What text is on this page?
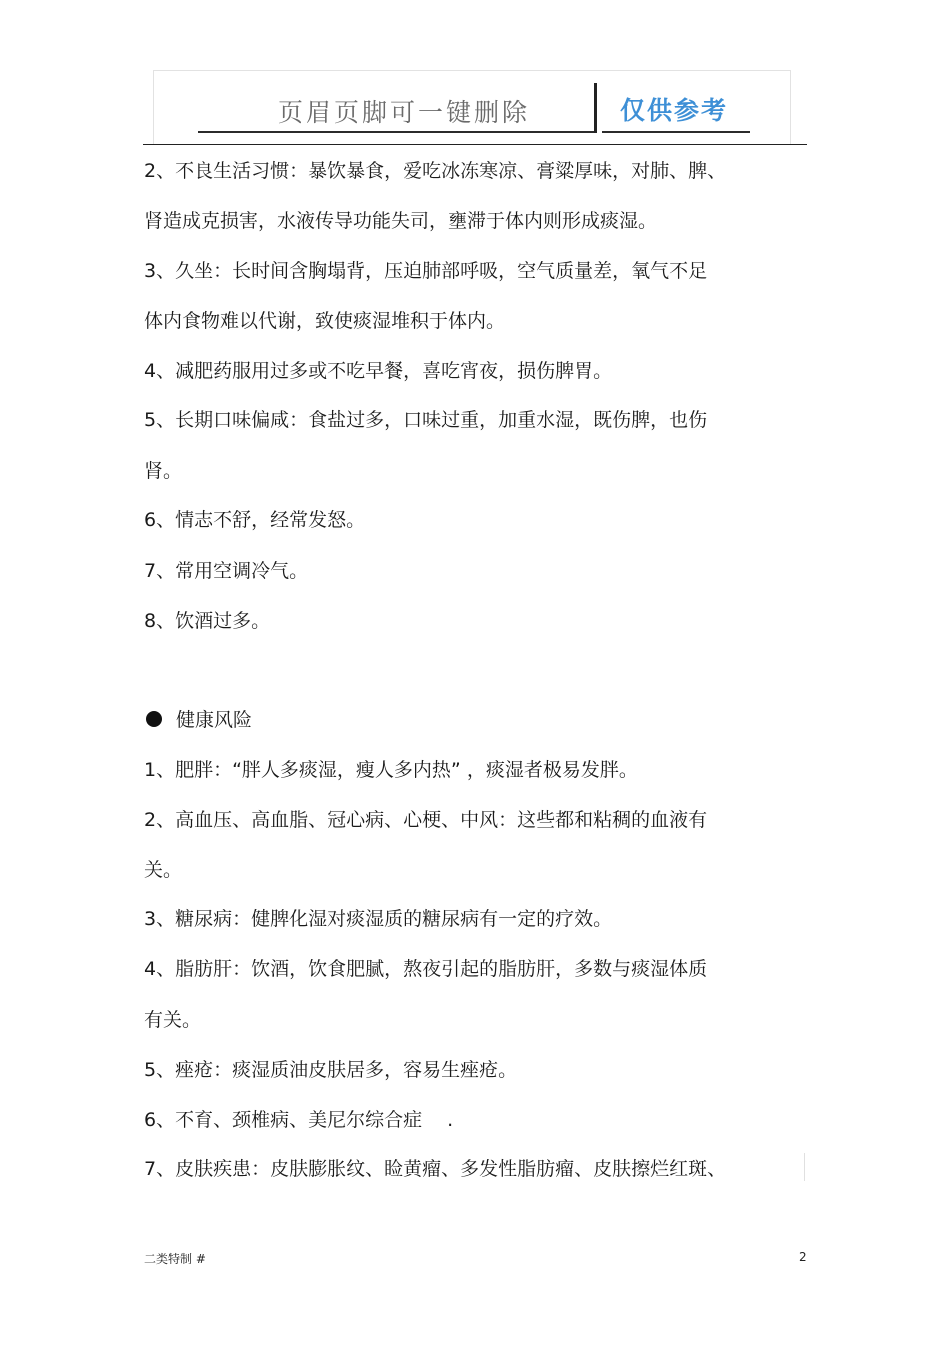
页眉页脚可一键删除	仅供参考
2、不良生活习惯：暴饮暴食，爱吃冰冻寒凉、膏粱厚味，对肺、脾、
肾造成克损害，水液传导功能失司，壅滞于体内则形成痰湿。
3、久坐：长时间含胸塌背，压迫肺部呼吸，空气质量差，氧气不足
体内食物难以代谢，致使痰湿堆积于体内。
4、减肥药服用过多或不吃早餐，喜吃宵夜，损伤脾胃。
5、长期口味偏咸：食盐过多，口味过重，加重水湿，既伤脾，也伤
肾。
6、情志不舒，经常发怒。
7、常用空调冷气。
8、饮酒过多。
健康风险
1、肥胖：“胖人多痰湿，瘦人多内热” ，痰湿者极易发胖。
2、高血压、高血脂、冠心病、心梗、中风：这些都和粘稠的血液有
关。
3、糖尿病：健脾化湿对痰湿质的糖尿病有一定的疗效。
4、脂肪肝：饮酒，饮食肥腻，熬夜引起的脂肪肝，多数与痰湿体质
有关。
5、痤疮：痰湿质油皮肤居多，容易生痤疮。
6、不育、颈椎病、美尼尔综合症 　.
7、皮肤疾患：皮肤膨胀纹、睑黄瘤、多发性脂肪瘤、皮肤擦烂红斑、
二类特制 #	2
